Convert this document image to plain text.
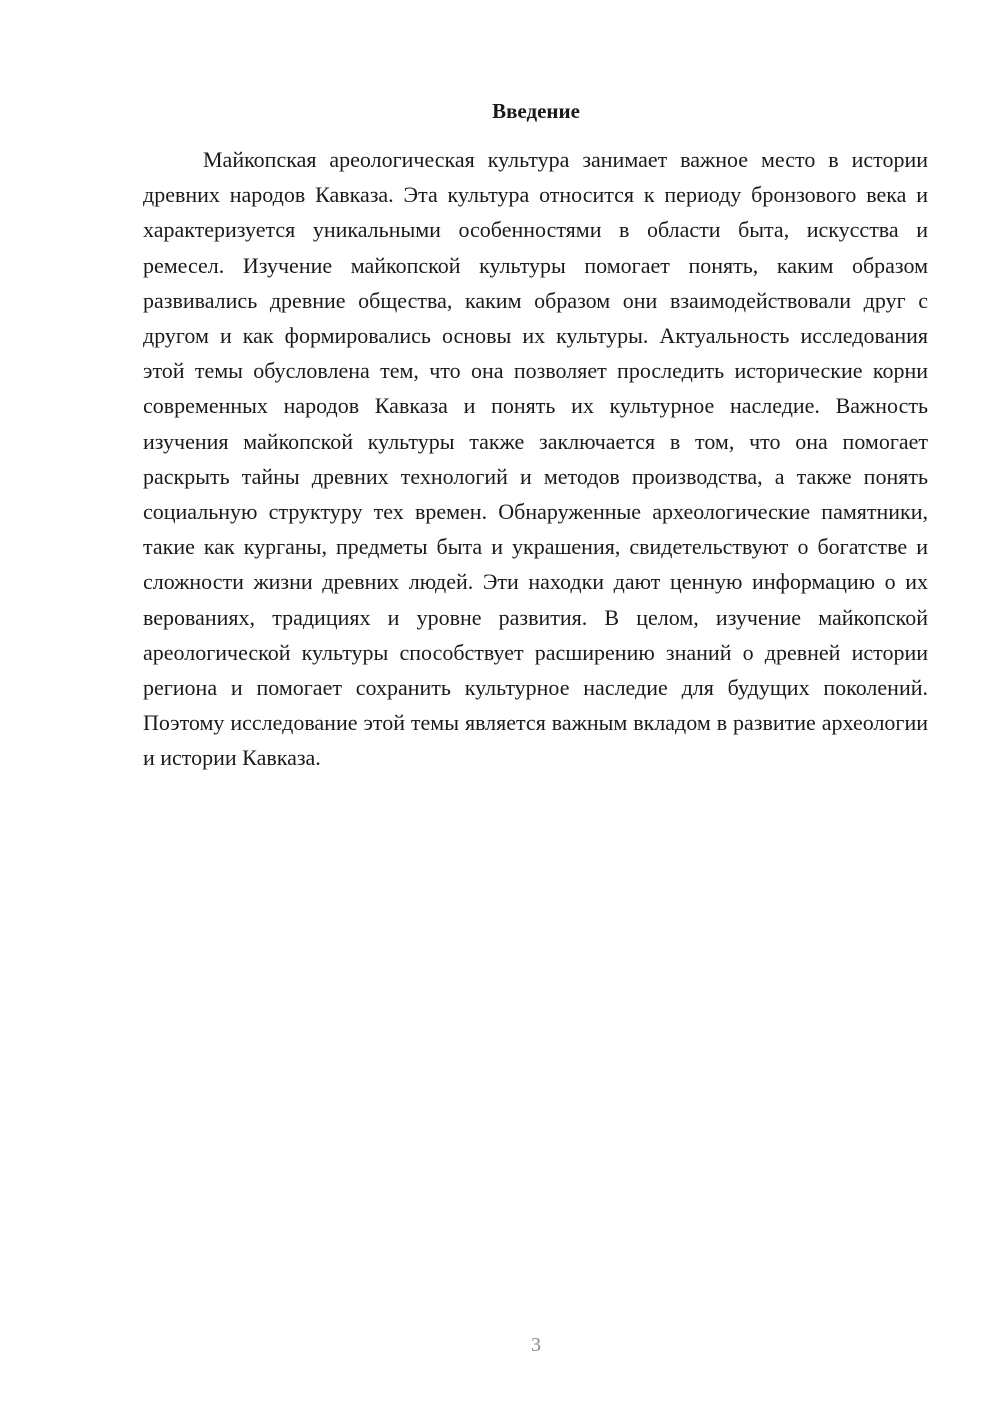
Введение

Майкопская ареологическая культура занимает важное место в истории древних народов Кавказа. Эта культура относится к периоду бронзового века и характеризуется уникальными особенностями в области быта, искусства и ремесел. Изучение майкопской культуры помогает понять, каким образом развивались древние общества, каким образом они взаимодействовали друг с другом и как формировались основы их культуры. Актуальность исследования этой темы обусловлена тем, что она позволяет проследить исторические корни современных народов Кавказа и понять их культурное наследие. Важность изучения майкопской культуры также заключается в том, что она помогает раскрыть тайны древних технологий и методов производства, а также понять социальную структуру тех времен. Обнаруженные археологические памятники, такие как курганы, предметы быта и украшения, свидетельствуют о богатстве и сложности жизни древних людей. Эти находки дают ценную информацию о их верованиях, традициях и уровне развития. В целом, изучение майкопской ареологической культуры способствует расширению знаний о древней истории региона и помогает сохранить культурное наследие для будущих поколений. Поэтому исследование этой темы является важным вкладом в развитие археологии и истории Кавказа.

3
